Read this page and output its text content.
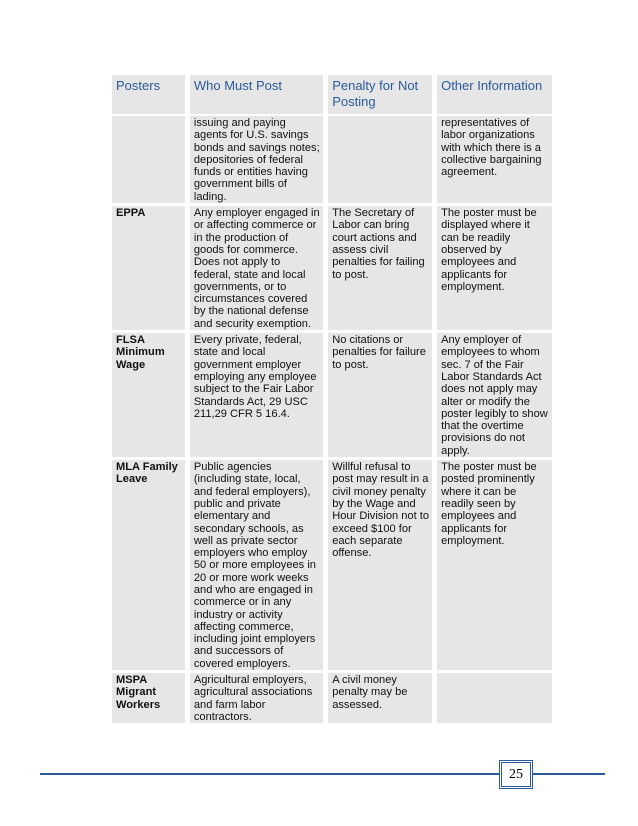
Posters	Who Must Post	Penalty for Not Posting	Other Information
	issuing and paying agents for U.S. savings bonds and savings notes; depositories of federal funds or entities having government bills of lading.		representatives of labor organizations with which there is a collective bargaining agreement.
EPPA	Any employer engaged in or affecting commerce or in the production of goods for commerce. Does not apply to federal, state and local governments, or to circumstances covered by the national defense and security exemption.	The Secretary of Labor can bring court actions and assess civil penalties for failing to post.	The poster must be displayed where it can be readily observed by employees and applicants for employment.
FLSA Minimum Wage	Every private, federal, state and local government employer employing any employee subject to the Fair Labor Standards Act, 29 USC 211,29 CFR 5 16.4.	No citations or penalties for failure to post.	Any employer of employees to whom sec. 7 of the Fair Labor Standards Act does not apply may alter or modify the poster legibly to show that the overtime provisions do not apply.
MLA Family Leave	Public agencies (including state, local, and federal employers), public and private elementary and secondary schools, as well as private sector employers who employ 50 or more employees in 20 or more work weeks and who are engaged in commerce or in any industry or activity affecting commerce, including joint employers and successors of covered employers.	Willful refusal to post may result in a civil money penalty by the Wage and Hour Division not to exceed $100 for each separate offense.	The poster must be posted prominently where it can be readily seen by employees and applicants for employment.
MSPA Migrant Workers	Agricultural employers, agricultural associations and farm labor contractors.	A civil money penalty may be assessed.	
25
